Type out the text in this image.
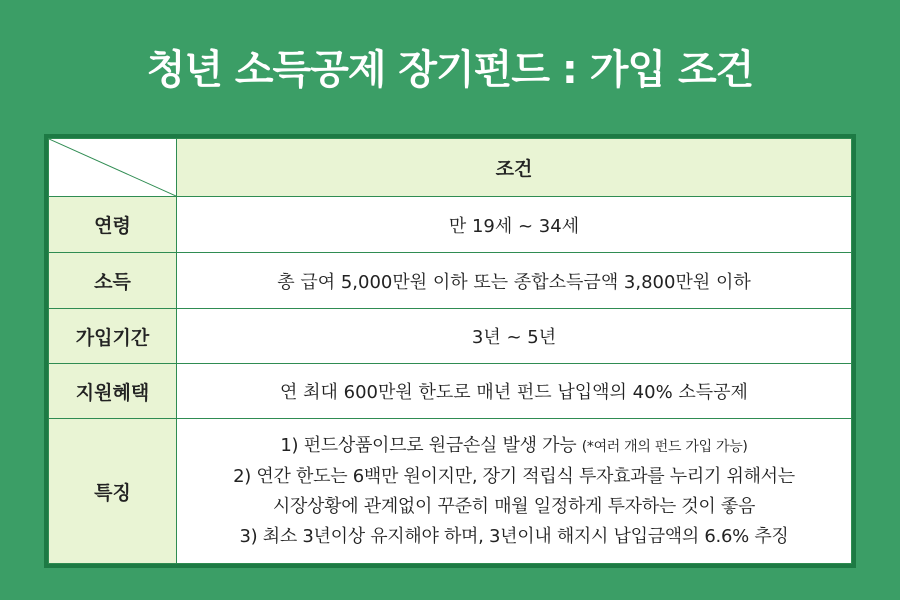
청년 소득공제 장기펀드 : 가입 조건
	조건
연령	만 19세 ~ 34세
소득	총 급여 5,000만원 이하 또는 종합소득금액 3,800만원 이하
가입기간	3년 ~ 5년
지원혜택	연 최대 600만원 한도로 매년 펀드 납입액의 40% 소득공제
특징	1) 펀드상품이므로 원금손실 발생 가능 (*여러 개의 펀드 가입 가능)
2) 연간 한도는 6백만 원이지만, 장기 적립식 투자효과를 누리기 위해서는
시장상황에 관계없이 꾸준히 매월 일정하게 투자하는 것이 좋음
3) 최소 3년이상 유지해야 하며, 3년이내 해지시 납입금액의 6.6% 추징
